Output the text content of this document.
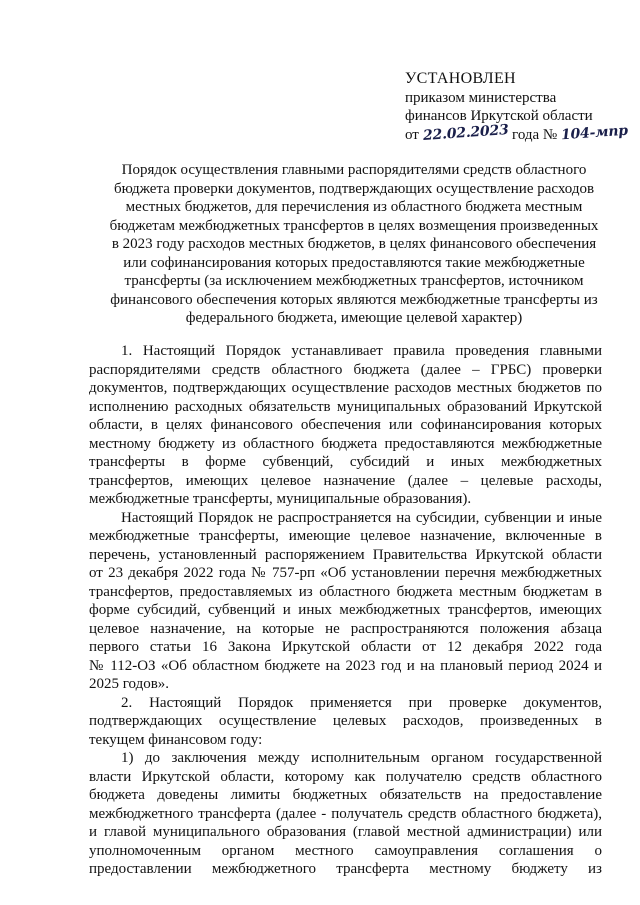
УСТАНОВЛЕН
приказом министерства
финансов Иркутской области
от 22.02.2023 года № 104-мпр
Порядок осуществления главными распорядителями средств областного
бюджета проверки документов, подтверждающих осуществление расходов
местных бюджетов, для перечисления из областного бюджета местным
бюджетам межбюджетных трансфертов в целях возмещения произведенных
в 2023 году расходов местных бюджетов, в целях финансового обеспечения
или софинансирования которых предоставляются такие межбюджетные
трансферты (за исключением межбюджетных трансфертов, источником
финансового обеспечения которых являются межбюджетные трансферты из
федерального бюджета, имеющие целевой характер)
1. Настоящий Порядок устанавливает правила проведения главными
распорядителями средств областного бюджета (далее – ГРБС) проверки
документов, подтверждающих осуществление расходов местных бюджетов по
исполнению расходных обязательств муниципальных образований Иркутской
области, в целях финансового обеспечения или софинансирования которых
местному бюджету из областного бюджета предоставляются межбюджетные
трансферты в форме субвенций, субсидий и иных межбюджетных
трансфертов, имеющих целевое назначение (далее – целевые расходы,
межбюджетные трансферты, муниципальные образования).
Настоящий Порядок не распространяется на субсидии, субвенции и иные
межбюджетные трансферты, имеющие целевое назначение, включенные в
перечень, установленный распоряжением Правительства Иркутской области
от 23 декабря 2022 года № 757-рп «Об установлении перечня межбюджетных
трансфертов, предоставляемых из областного бюджета местным бюджетам в
форме субсидий, субвенций и иных межбюджетных трансфертов, имеющих
целевое назначение, на которые не распространяются положения абзаца
первого статьи 16 Закона Иркутской области от 12 декабря 2022 года
№ 112-ОЗ «Об областном бюджете на 2023 год и на плановый период 2024 и
2025 годов».
2. Настоящий Порядок применяется при проверке документов,
подтверждающих осуществление целевых расходов, произведенных в
текущем финансовом году:
1) до заключения между исполнительным органом государственной
власти Иркутской области, которому как получателю средств областного
бюджета доведены лимиты бюджетных обязательств на предоставление
межбюджетного трансферта (далее - получатель средств областного бюджета),
и главой муниципального образования (главой местной администрации) или
уполномоченным органом местного самоуправления соглашения о
предоставлении межбюджетного трансферта местному бюджету из
